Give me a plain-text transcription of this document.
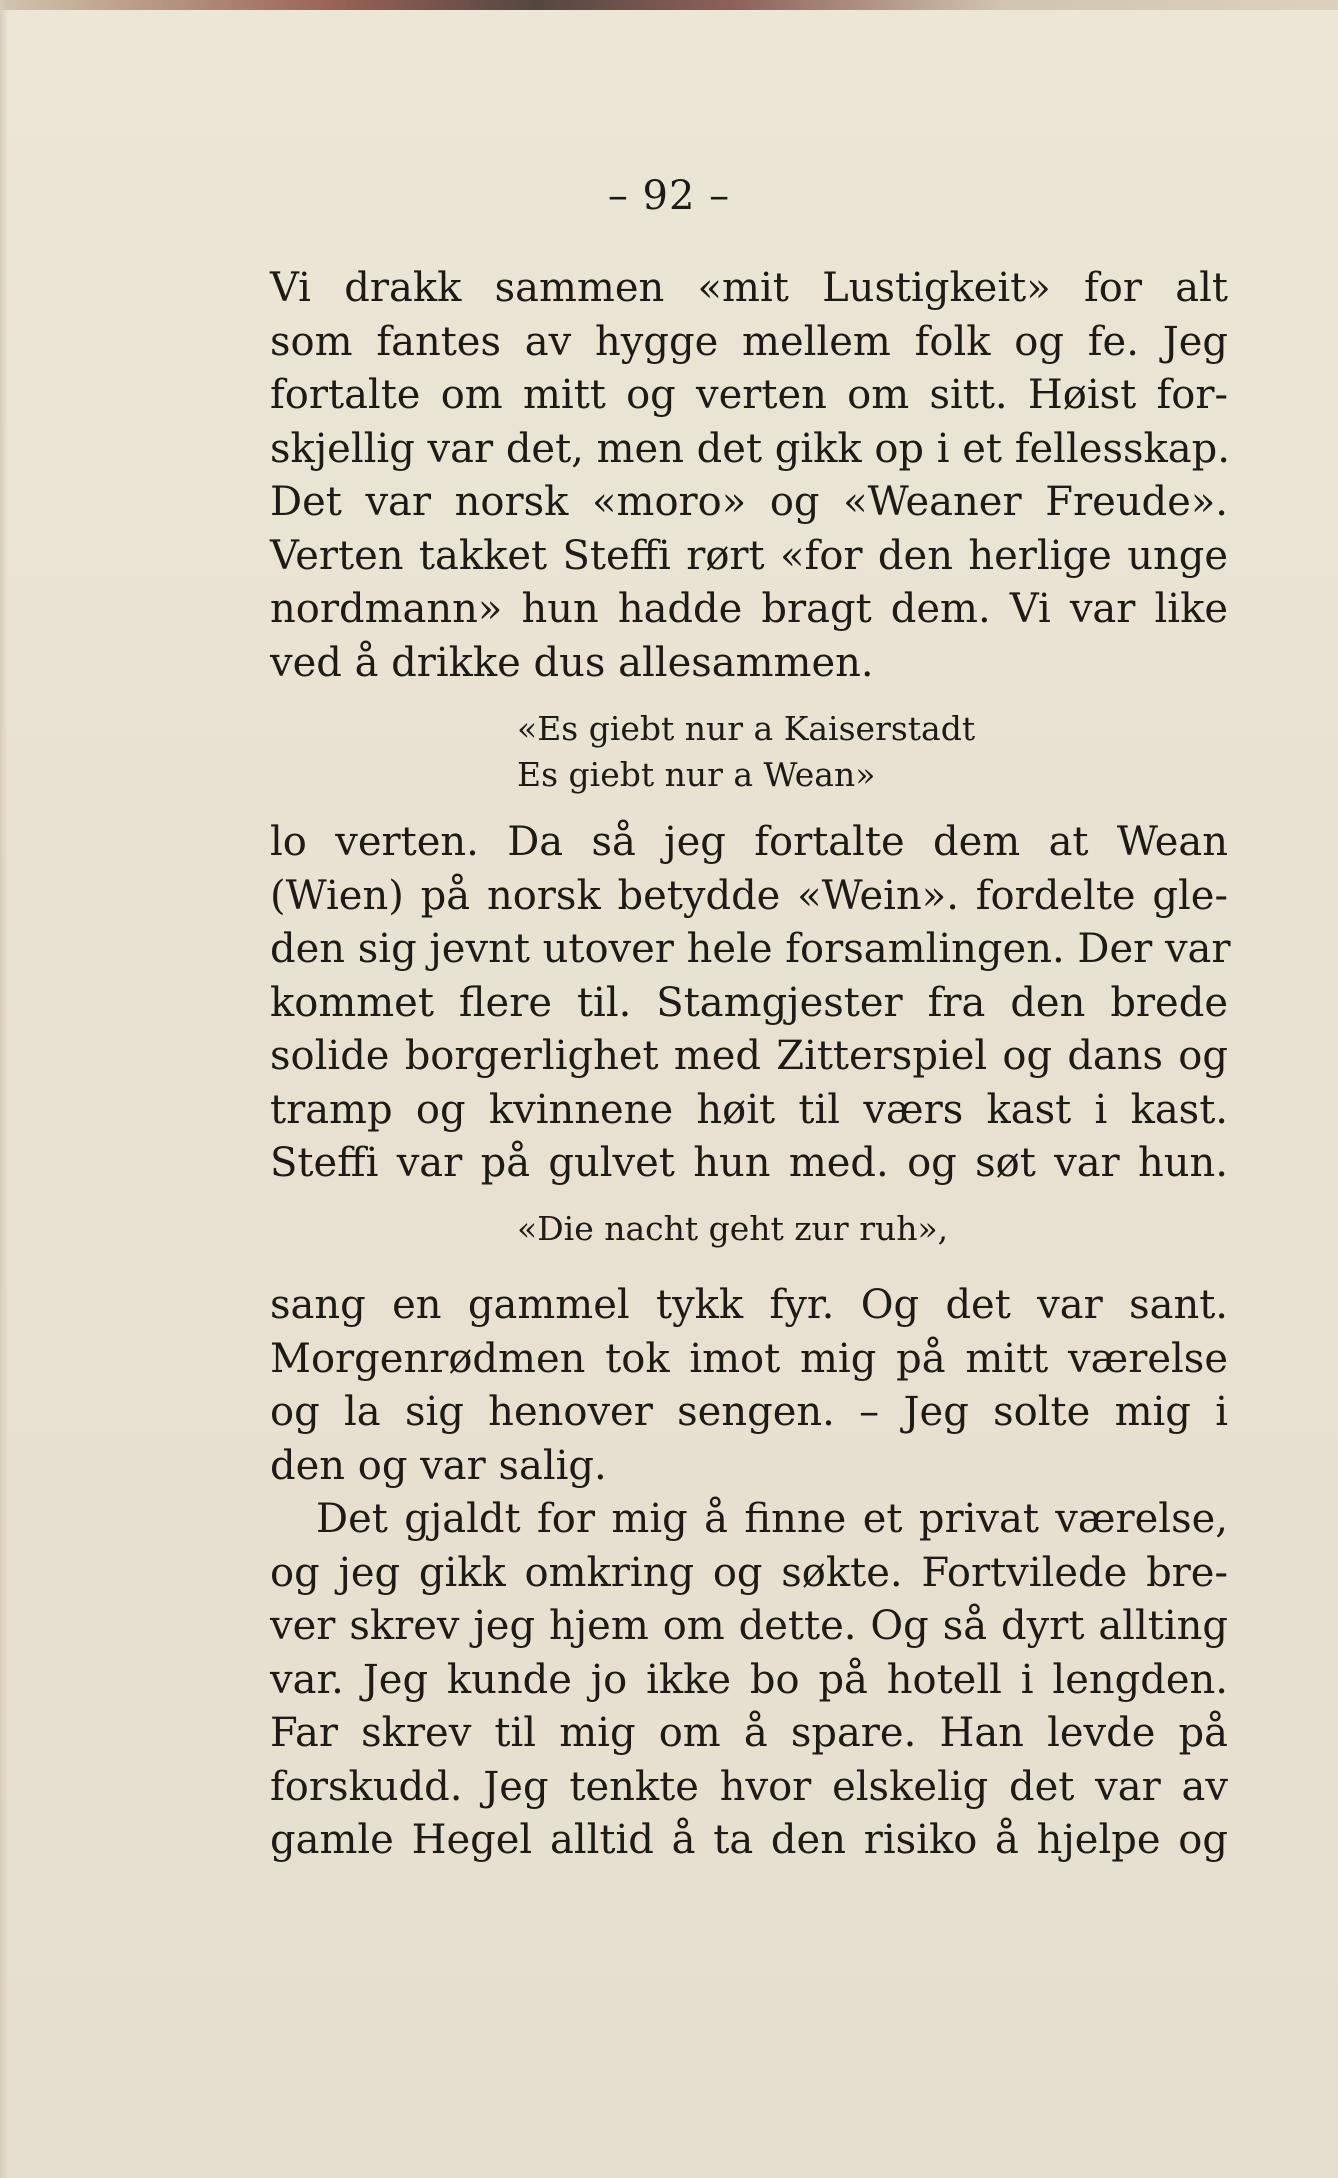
– 92 –
Vi drakk sammen «mit Lustigkeit» for alt
som fantes av hygge mellem folk og fe. Jeg
fortalte om mitt og verten om sitt. Høist for-
skjellig var det, men det gikk op i et fellesskap.
Det var norsk «moro» og «Weaner Freude».
Verten takket Steffi rørt «for den herlige unge
nordmann» hun hadde bragt dem. Vi var like
ved å drikke dus allesammen.
«Es giebt nur a Kaiserstadt
Es giebt nur a Wean»
lo verten. Da så jeg fortalte dem at Wean
(Wien) på norsk betydde «Wein». fordelte gle-
den sig jevnt utover hele forsamlingen. Der var
kommet flere til. Stamgjester fra den brede
solide borgerlighet med Zitterspiel og dans og
tramp og kvinnene høit til værs kast i kast.
Steffi var på gulvet hun med. og søt var hun.
«Die nacht geht zur ruh»,
sang en gammel tykk fyr. Og det var sant.
Morgenrødmen tok imot mig på mitt værelse
og la sig henover sengen. – Jeg solte mig i
den og var salig.
Det gjaldt for mig å finne et privat værelse,
og jeg gikk omkring og søkte. Fortvilede bre-
ver skrev jeg hjem om dette. Og så dyrt allting
var. Jeg kunde jo ikke bo på hotell i lengden.
Far skrev til mig om å spare. Han levde på
forskudd. Jeg tenkte hvor elskelig det var av
gamle Hegel alltid å ta den risiko å hjelpe og
